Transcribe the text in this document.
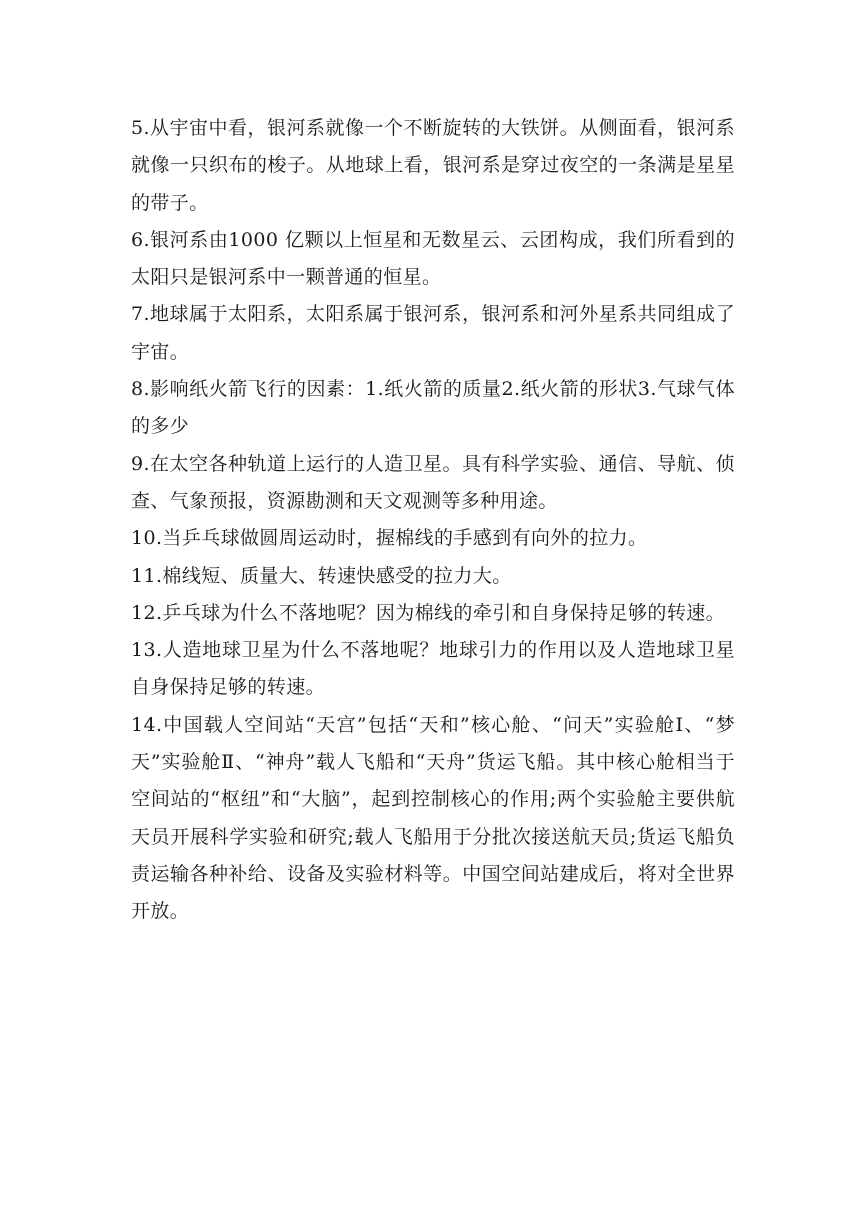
5.从宇宙中看，银河系就像一个不断旋转的大铁饼。从侧面看，银河系就像一只织布的梭子。从地球上看，银河系是穿过夜空的一条满是星星的带子。

6.银河系由1000 亿颗以上恒星和无数星云、云团构成，我们所看到的太阳只是银河系中一颗普通的恒星。

7.地球属于太阳系，太阳系属于银河系，银河系和河外星系共同组成了宇宙。

8.影响纸火箭飞行的因素：1.纸火箭的质量2.纸火箭的形状3.气球气体的多少

9.在太空各种轨道上运行的人造卫星。具有科学实验、通信、导航、侦查、气象预报，资源勘测和天文观测等多种用途。

10.当乒乓球做圆周运动时，握棉线的手感到有向外的拉力。

11.棉线短、质量大、转速快感受的拉力大。

12.乒乓球为什么不落地呢？因为棉线的牵引和自身保持足够的转速。

13.人造地球卫星为什么不落地呢？地球引力的作用以及人造地球卫星自身保持足够的转速。

14.中国载人空间站“天宫”包括“天和”核心舱、“问天”实验舱Ⅰ、“梦天”实验舱Ⅱ、“神舟”载人飞船和“天舟”货运飞船。其中核心舱相当于空间站的“枢纽”和“大脑”，起到控制核心的作用;两个实验舱主要供航天员开展科学实验和研究;载人飞船用于分批次接送航天员;货运飞船负责运输各种补给、设备及实验材料等。中国空间站建成后，将对全世界开放。
